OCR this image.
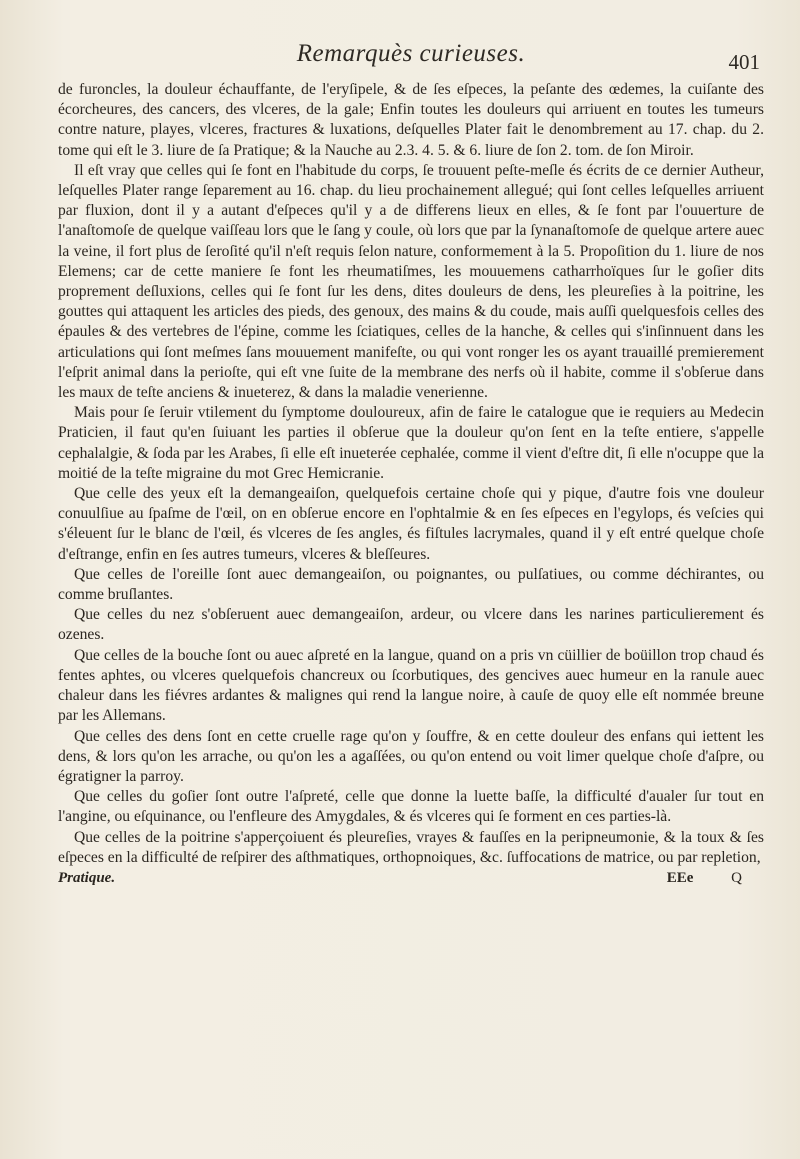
Remarquès curieuses.	401

de furoncles, la douleur échauffante, de l'eryſipele, & de ſes eſpeces, la peſante des œdemes, la cuiſante des écorcheures, des cancers, des vlceres, de la gale; Enfin toutes les douleurs qui arriuent en toutes les tumeurs contre nature, playes, vlceres, fractures & luxations, deſquelles Plater fait le denombrement au 17. chap. du 2. tome qui eſt le 3. liure de ſa Pratique; & la Nauche au 2.3. 4. 5. & 6. liure de ſon 2. tom. de ſon Miroir.

Il eſt vray que celles qui ſe font en l'habitude du corps, ſe trouuent peſte-meſle és écrits de ce dernier Autheur, leſquelles Plater range ſeparement au 16. chap. du lieu prochainement allegué; qui ſont celles leſquelles arriuent par fluxion, dont il y a autant d'eſpeces qu'il y a de differens lieux en elles, & ſe font par l'ouuerture de l'anaſtomoſe de quelque vaiſſeau lors que le ſang y coule, où lors que par la ſynanaſtomoſe de quelque artere auec la veine, il fort plus de ſeroſité qu'il n'eſt requis ſelon nature, conformement à la 5. Propoſition du 1. liure de nos Elemens; car de cette maniere ſe font les rheumatiſmes, les mouuemens catharrhoïques ſur le goſier dits proprement deſluxions, celles qui ſe font ſur les dens, dites douleurs de dens, les pleureſies à la poitrine, les gouttes qui attaquent les articles des pieds, des genoux, des mains & du coude, mais auſſi quelquesfois celles des épaules & des vertebres de l'épine, comme les ſciatiques, celles de la hanche, & celles qui s'inſinnuent dans les articulations qui ſont meſmes ſans mouuement manifeſte, ou qui vont ronger les os ayant trauaillé premierement l'eſprit animal dans la perioſte, qui eſt vne ſuite de la membrane des nerfs où il habite, comme il s'obſerue dans les maux de teſte anciens & inueterez, & dans la maladie venerienne.

Mais pour ſe ſeruir vtilement du ſymptome douloureux, afin de faire le catalogue que ie requiers au Medecin Praticien, il faut qu'en ſuiuant les parties il obſerue que la douleur qu'on ſent en la teſte entiere, s'appelle cephalalgie, & ſoda par les Arabes, ſi elle eſt inueterée cephalée, comme il vient d'eſtre dit, ſi elle n'ocuppe que la moitié de la teſte migraine du mot Grec Hemicranie.

Que celle des yeux eſt la demangeaiſon, quelquefois certaine choſe qui y pique, d'autre fois vne douleur conuulſiue au ſpaſme de l'œil, on en obſerue encore en l'ophtalmie & en ſes eſpeces en l'egylops, és veſcies qui s'éleuent ſur le blanc de l'œil, és vlceres de ſes angles, és fiſtules lacrymales, quand il y eſt entré quelque choſe d'eſtrange, enfin en ſes autres tumeurs, vlceres & bleſſeures.

Que celles de l'oreille ſont auec demangeaiſon, ou poignantes, ou pulſatiues, ou comme déchirantes, ou comme bruſlantes.

Que celles du nez s'obſeruent auec demangeaiſon, ardeur, ou vlcere dans les narines particulierement és ozenes.

Que celles de la bouche ſont ou auec aſpreté en la langue, quand on a pris vn cüillier de boüillon trop chaud és fentes aphtes, ou vlceres quelquefois chancreux ou ſcorbutiques, des gencives auec humeur en la ranule auec chaleur dans les fiévres ardantes & malignes qui rend la langue noire, à cauſe de quoy elle eſt nommée breune par les Allemans.

Que celles des dens ſont en cette cruelle rage qu'on y ſouffre, & en cette douleur des enfans qui iettent les dens, & lors qu'on les arrache, ou qu'on les a agaſſées, ou qu'on entend ou voit limer quelque choſe d'aſpre, ou égratigner la parroy.

Que celles du goſier ſont outre l'aſpreté, celle que donne la luette baſſe, la difficulté d'aualer ſur tout en l'angine, ou eſquinance, ou l'enfleure des Amygdales, & és vlceres qui ſe forment en ces parties-là.

Que celles de la poitrine s'apperçoiuent és pleureſies, vrayes & fauſſes en la peripneumonie, & la toux & ſes eſpeces en la difficulté de reſpirer des aſthmatiques, orthopnoiques, &c. ſuffocations de matrice, ou par repletion,

Pratique.	EEe	Q
